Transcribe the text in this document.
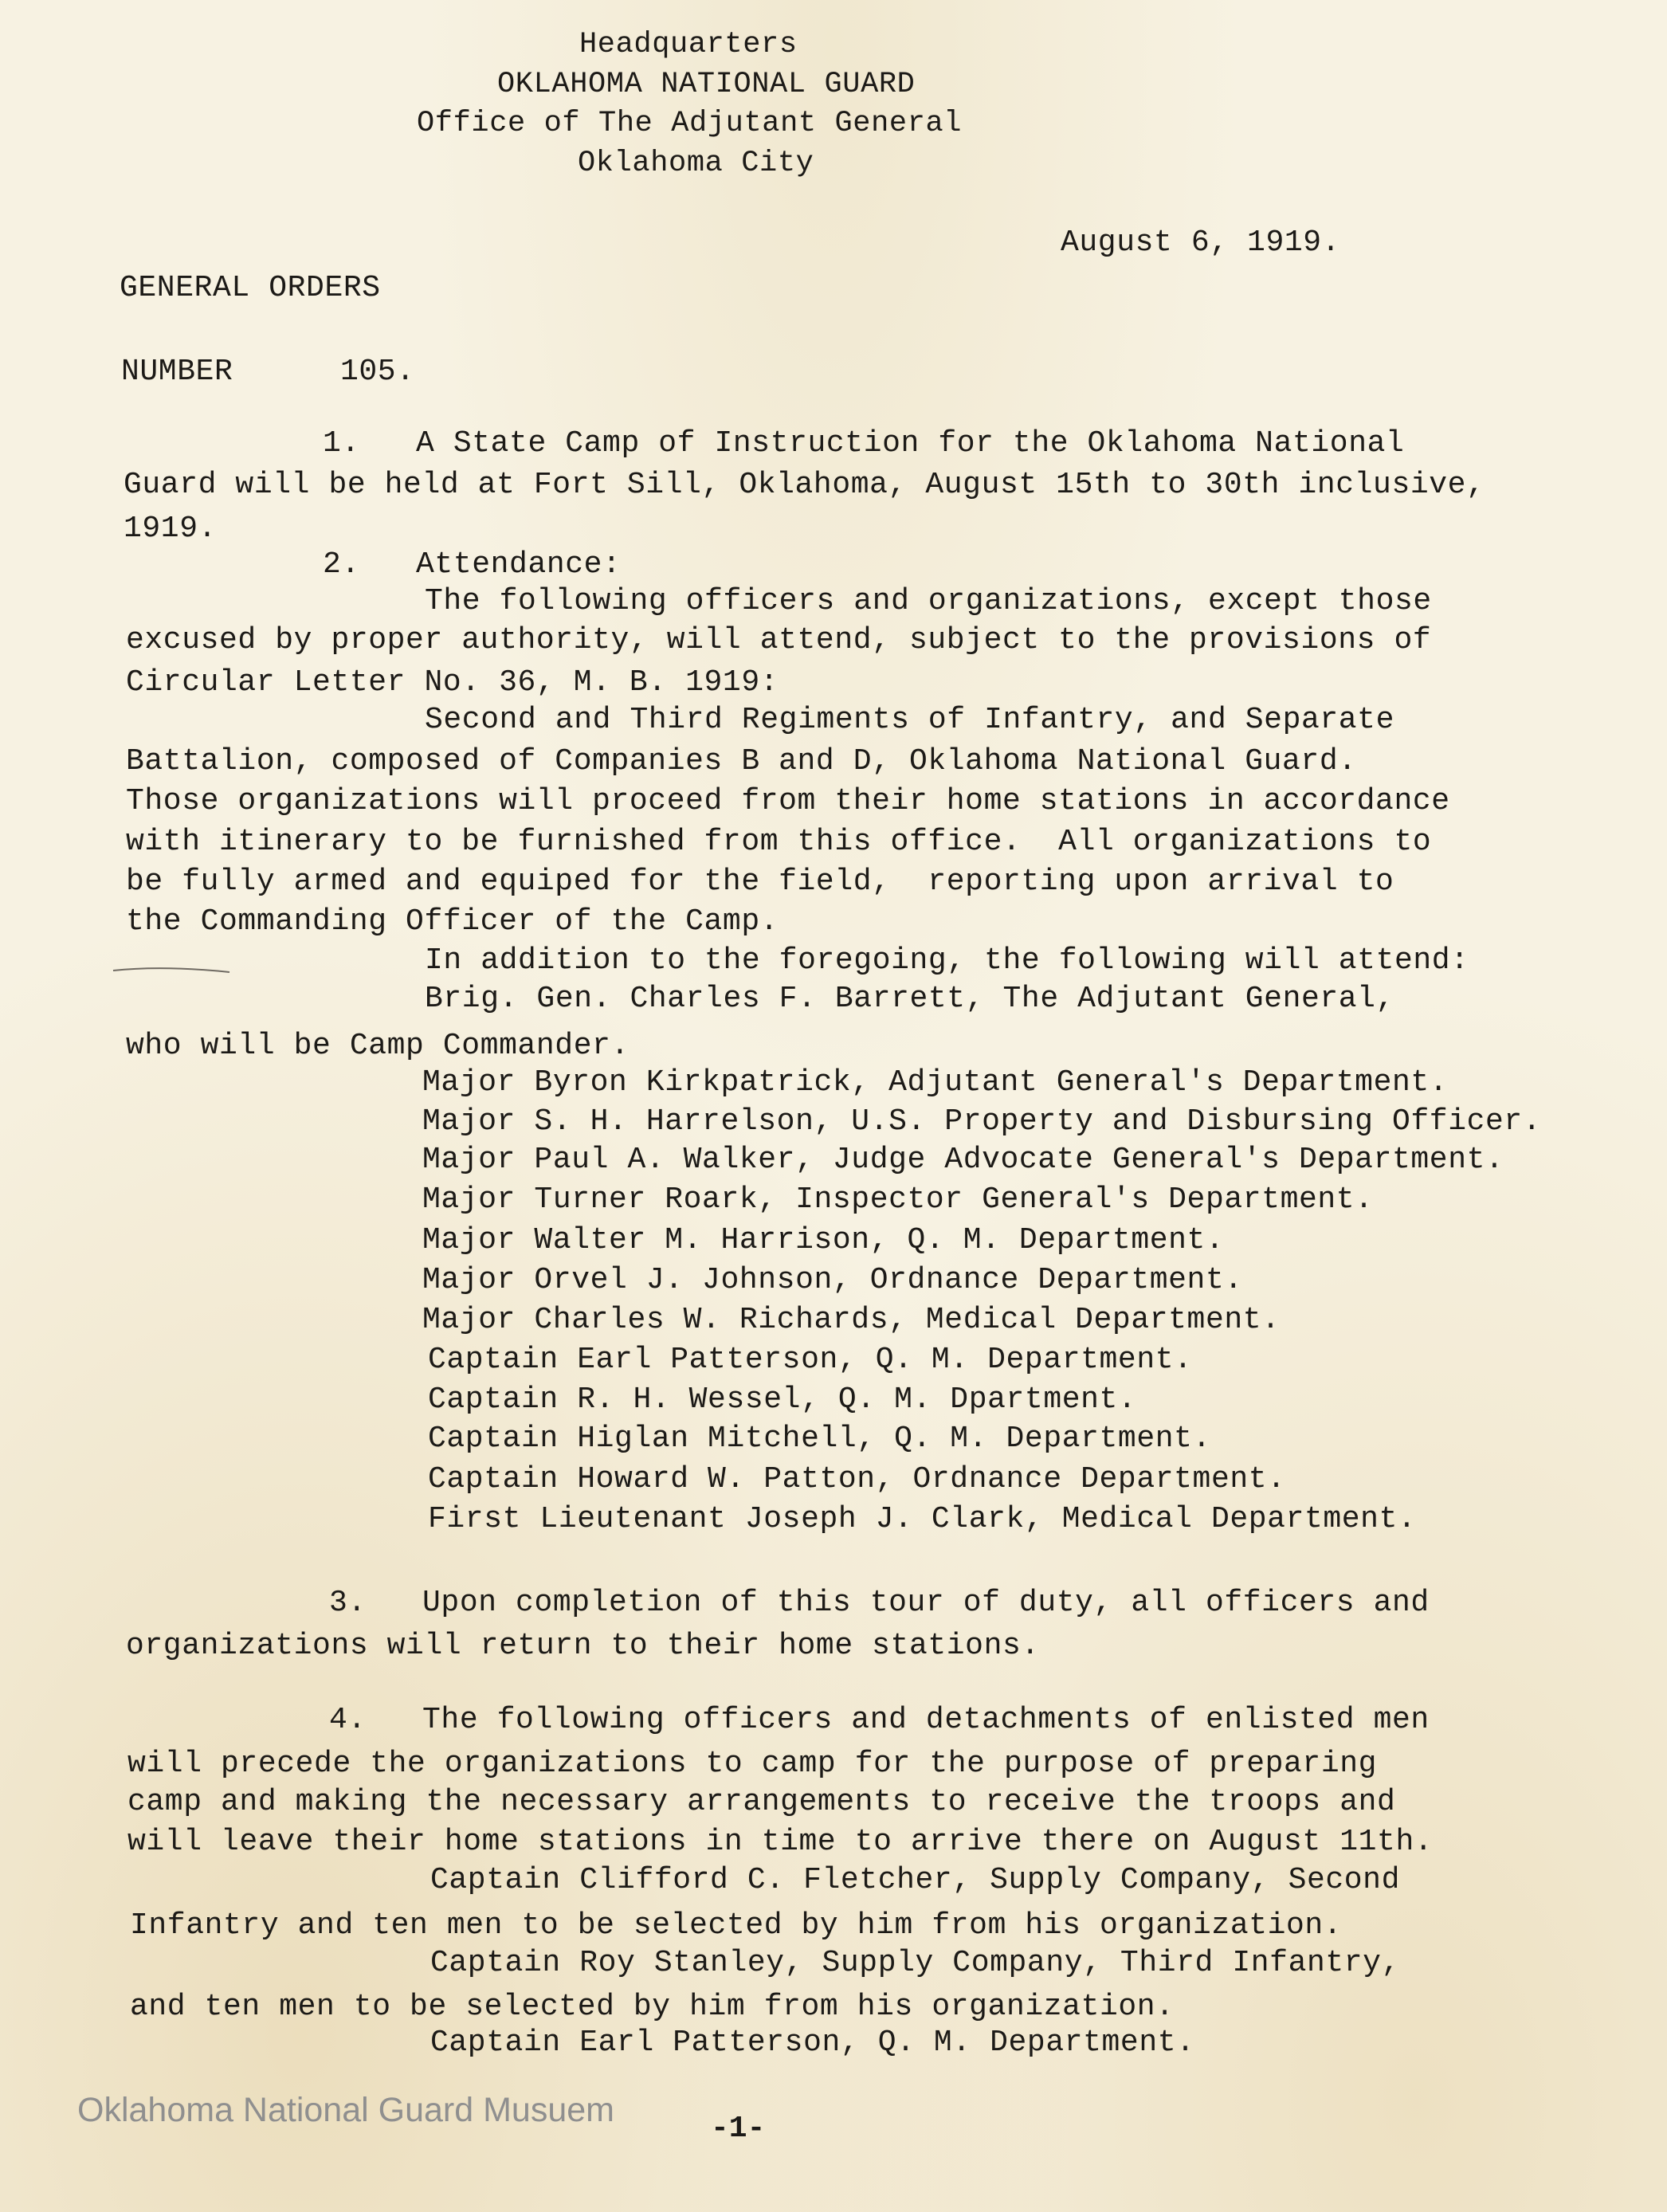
Headquarters
OKLAHOMA NATIONAL GUARD
Office of The Adjutant General
Oklahoma City
August 6, 1919.
GENERAL ORDERS
NUMBER	105.
1.   A State Camp of Instruction for the Oklahoma National
Guard will be held at Fort Sill, Oklahoma, August 15th to 30th inclusive,
1919.
2.   Attendance:
The following officers and organizations, except those
excused by proper authority, will attend, subject to the provisions of
Circular Letter No. 36, M. B. 1919:
Second and Third Regiments of Infantry, and Separate
Battalion, composed of Companies B and D, Oklahoma National Guard.
Those organizations will proceed from their home stations in accordance
with itinerary to be furnished from this office.  All organizations to
be fully armed and equiped for the field,  reporting upon arrival to
the Commanding Officer of the Camp.
In addition to the foregoing, the following will attend:
Brig. Gen. Charles F. Barrett, The Adjutant General,
who will be Camp Commander.
Major Byron Kirkpatrick, Adjutant General's Department.
Major S. H. Harrelson, U.S. Property and Disbursing Officer.
Major Paul A. Walker, Judge Advocate General's Department.
Major Turner Roark, Inspector General's Department.
Major Walter M. Harrison, Q. M. Department.
Major Orvel J. Johnson, Ordnance Department.
Major Charles W. Richards, Medical Department.
Captain Earl Patterson, Q. M. Department.
Captain R. H. Wessel, Q. M. Dpartment.
Captain Higlan Mitchell, Q. M. Department.
Captain Howard W. Patton, Ordnance Department.
First Lieutenant Joseph J. Clark, Medical Department.
3.   Upon completion of this tour of duty, all officers and
organizations will return to their home stations.
4.   The following officers and detachments of enlisted men
will precede the organizations to camp for the purpose of preparing
camp and making the necessary arrangements to receive the troops and
will leave their home stations in time to arrive there on August 11th.
Captain Clifford C. Fletcher, Supply Company, Second
Infantry and ten men to be selected by him from his organization.
Captain Roy Stanley, Supply Company, Third Infantry,
and ten men to be selected by him from his organization.
Captain Earl Patterson, Q. M. Department.
-1-
Oklahoma National Guard Musuem
